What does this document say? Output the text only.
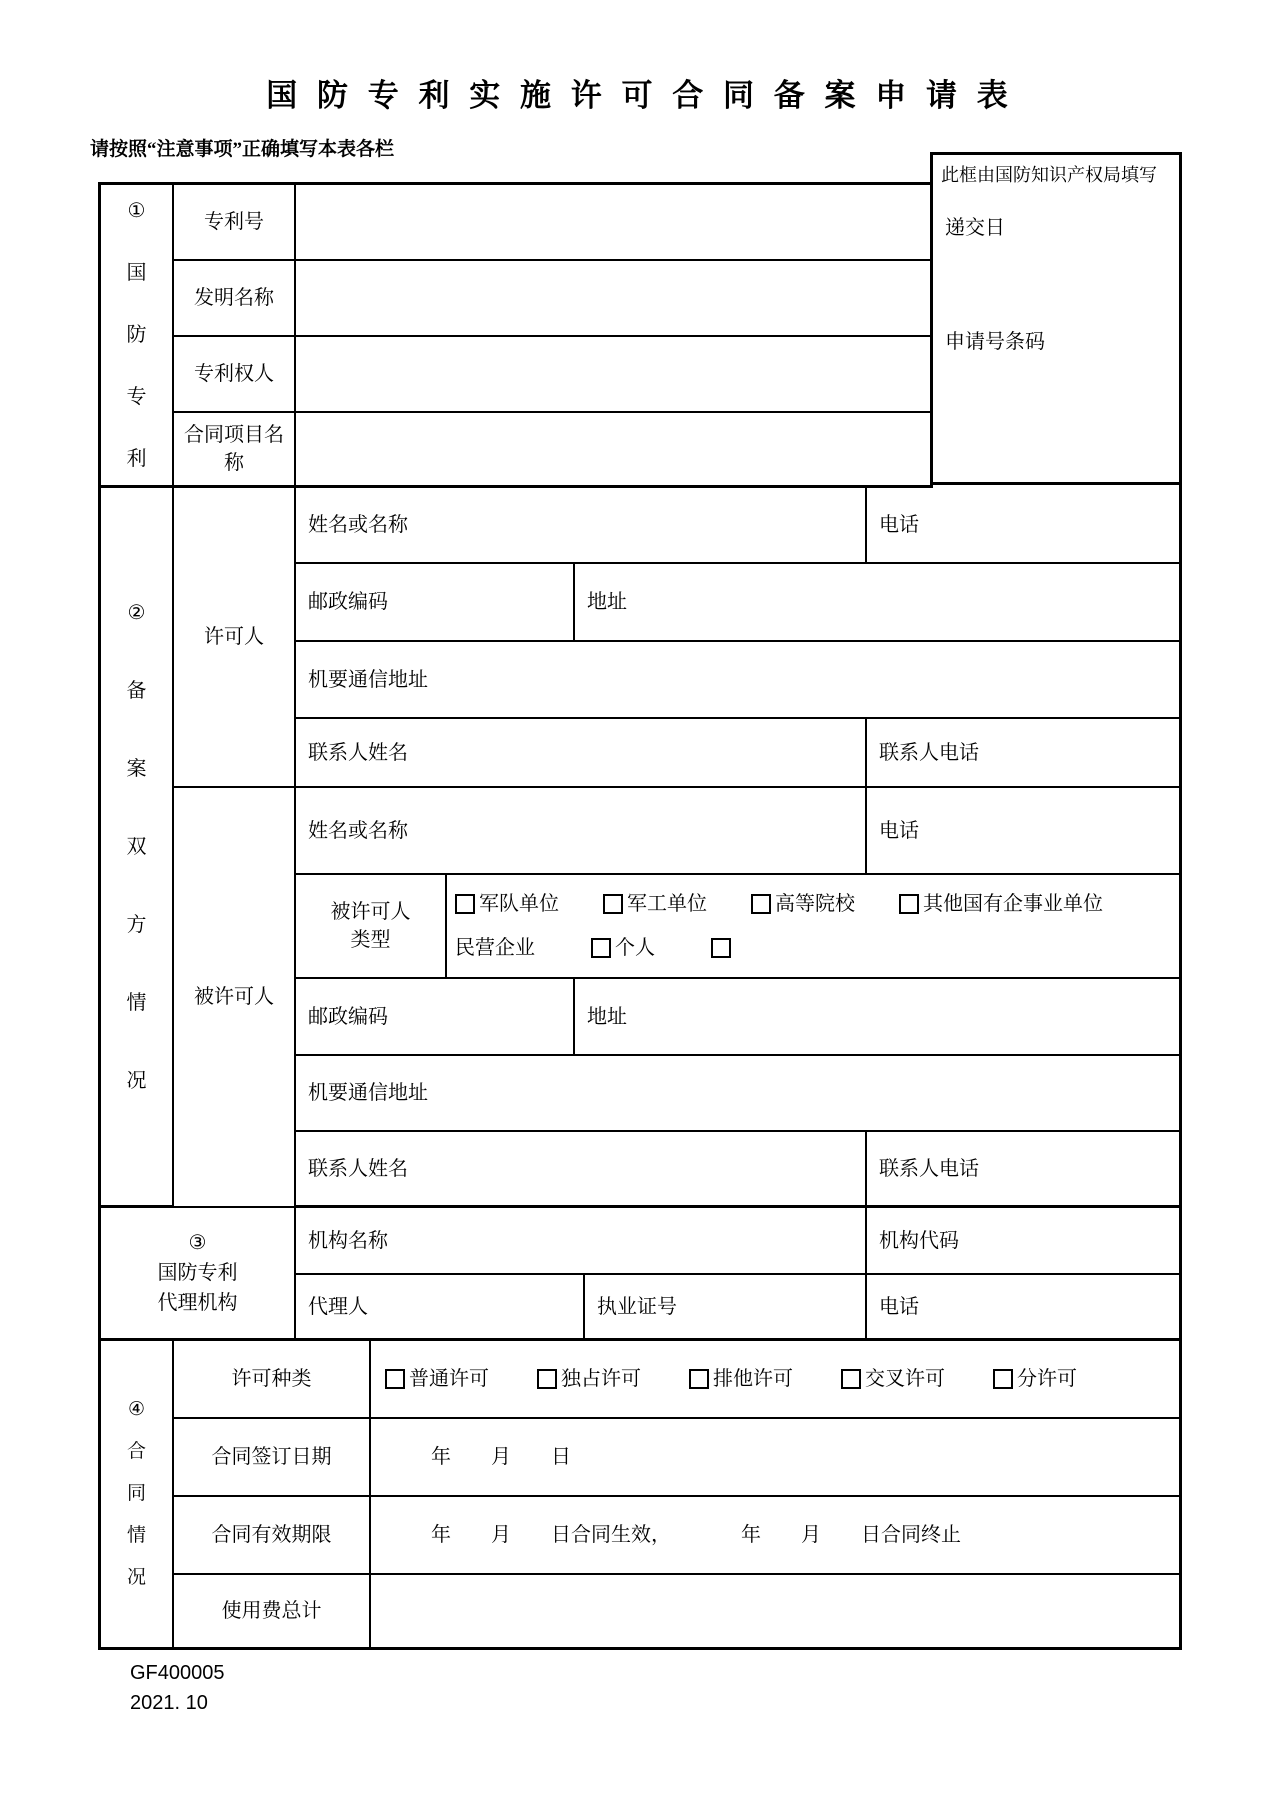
国 防 专 利 实 施 许 可 合 同 备 案 申 请 表
请按照“注意事项”正确填写本表各栏
①
国
防
专
利
专利号
发明名称
专利权人
合同项目名称
②
备
案
双
方
情
况
许可人
姓名或名称	电话
邮政编码	地址
机要通信地址
联系人姓名	联系人电话
被许可人
姓名或名称	电话
被许可人
类型
军队单位	军工单位	高等院校	其他国有企事业单位
民营企业	个人
邮政编码	地址
机要通信地址
联系人姓名	联系人电话
③
国防专利
代理机构
机构名称	机构代码
代理人	执业证号	电话
④
合
同
情
况
许可种类	普通许可	独占许可	排他许可	交叉许可	分许可
合同签订日期	年　　月　　日
合同有效期限	年　　月　　日合同生效，　　　　年　　月　　日合同终止
使用费总计
此框由国防知识产权局填写
递交日
申请号条码
GF400005
2021. 10
